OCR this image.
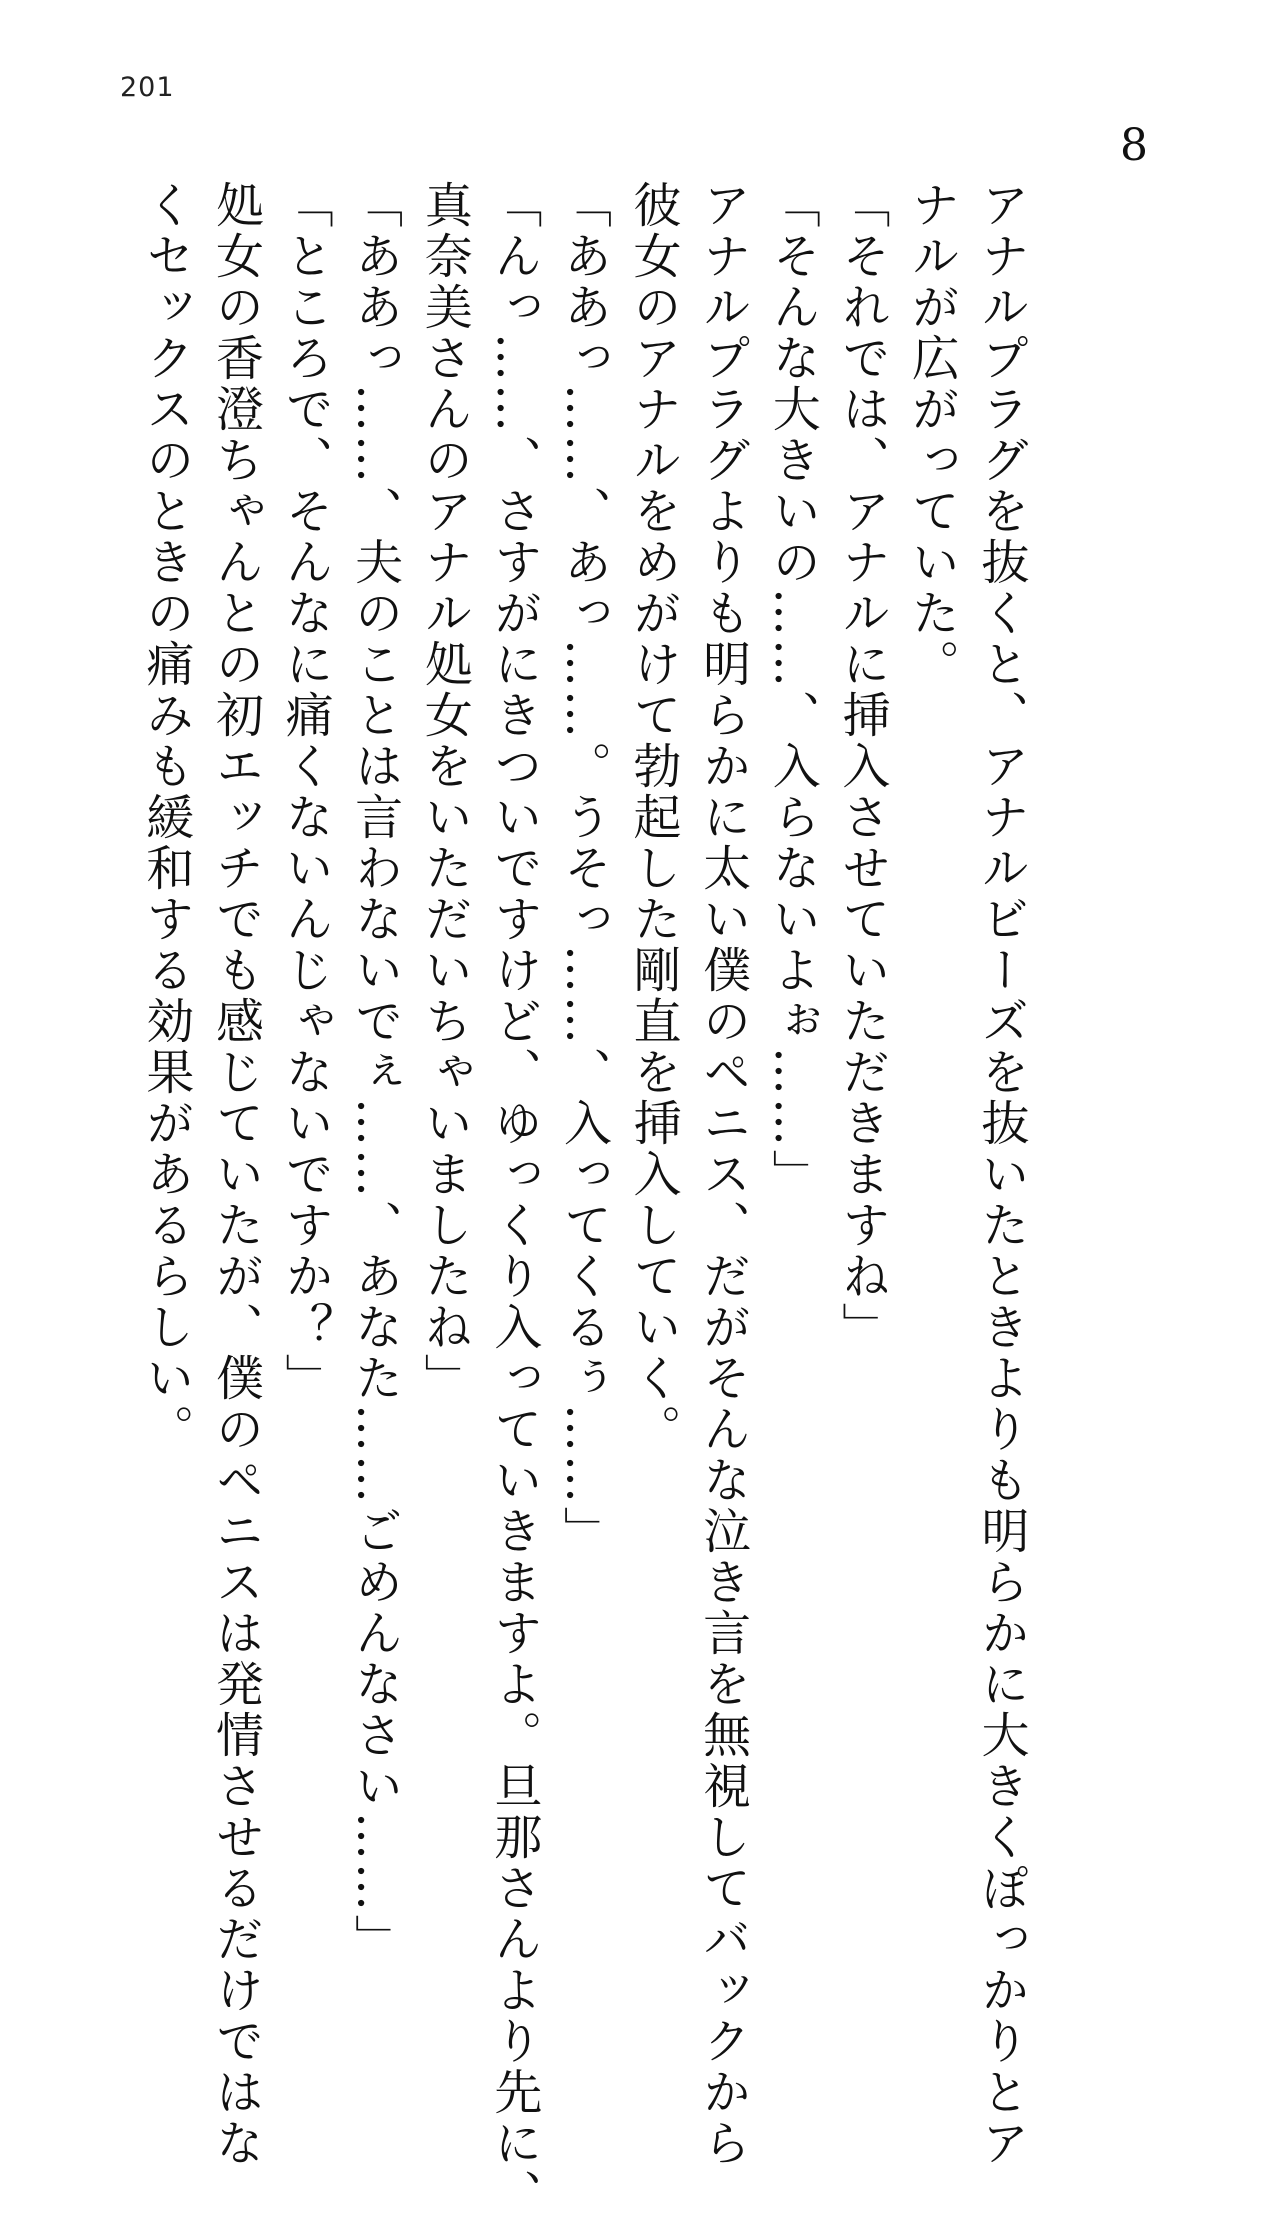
201
8
アナルプラグを抜くと、アナルビーズを抜いたときよりも明らかに大きくぽっかりとア
ナルが広がっていた。
「それでは、アナルに挿入させていただきますね」
「そんな大きいの……、入らないよぉ……」
アナルプラグよりも明らかに太い僕のペニス、だがそんな泣き言を無視してバックから
彼女のアナルをめがけて勃起した剛直を挿入していく。
「ああっ……、あっ……。うそっ……、入ってくるぅ……」
「んっ……、さすがにきついですけど、ゆっくり入っていきますよ。旦那さんより先に、
真奈美さんのアナル処女をいただいちゃいましたね」
「ああっ……、夫のことは言わないでぇ……、あなた……ごめんなさい……」
「ところで、そんなに痛くないんじゃないですか？」
処女の香澄ちゃんとの初エッチでも感じていたが、僕のペニスは発情させるだけではな
くセックスのときの痛みも緩和する効果があるらしい。
